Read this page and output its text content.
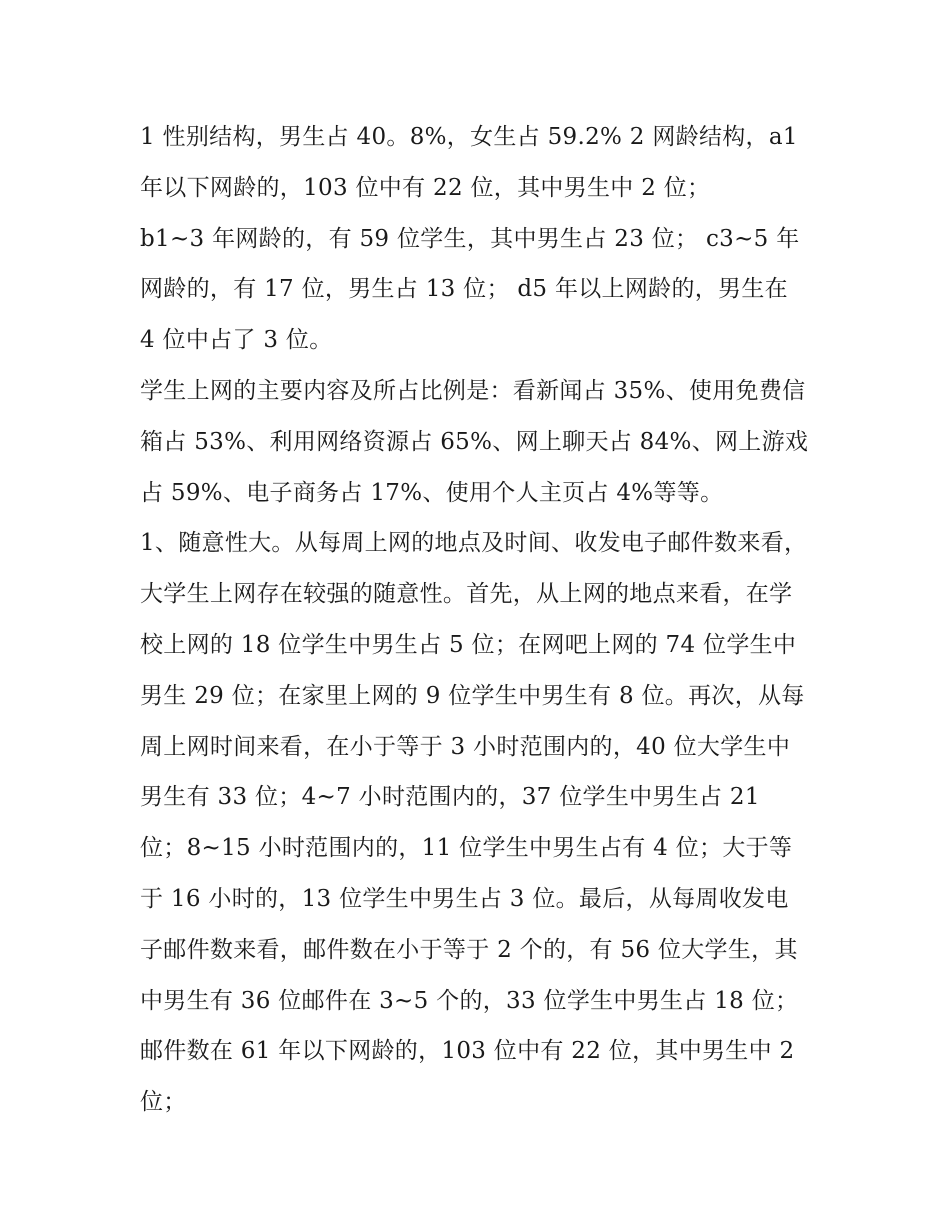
1 性别结构，男生占 40。8%，女生占 59.2% 2 网龄结构，a1 年以下网龄的，103 位中有 22 位，其中男生中 2 位；

b1~3 年网龄的，有 59 位学生，其中男生占 23 位； c3~5 年网龄的，有 17 位，男生占 13 位； d5 年以上网龄的，男生在 4 位中占了 3 位。

学生上网的主要内容及所占比例是：看新闻占 35%、使用免费信箱占 53%、利用网络资源占 65%、网上聊天占 84%、网上游戏占 59%、电子商务占 17%、使用个人主页占 4%等等。

1、随意性大。从每周上网的地点及时间、收发电子邮件数来看，大学生上网存在较强的随意性。首先，从上网的地点来看，在学校上网的 18 位学生中男生占 5 位；在网吧上网的 74 位学生中男生 29 位；在家里上网的 9 位学生中男生有 8 位。再次，从每周上网时间来看，在小于等于 3 小时范围内的，40 位大学生中男生有 33 位；4~7 小时范围内的，37 位学生中男生占 21 位；8~15 小时范围内的，11 位学生中男生占有 4 位；大于等于 16 小时的，13 位学生中男生占 3 位。最后，从每周收发电子邮件数来看，邮件数在小于等于 2 个的，有 56 位大学生，其中男生有 36 位邮件在 3~5 个的，33 位学生中男生占 18 位；邮件数在 61 年以下网龄的，103 位中有 22 位，其中男生中 2 位；
